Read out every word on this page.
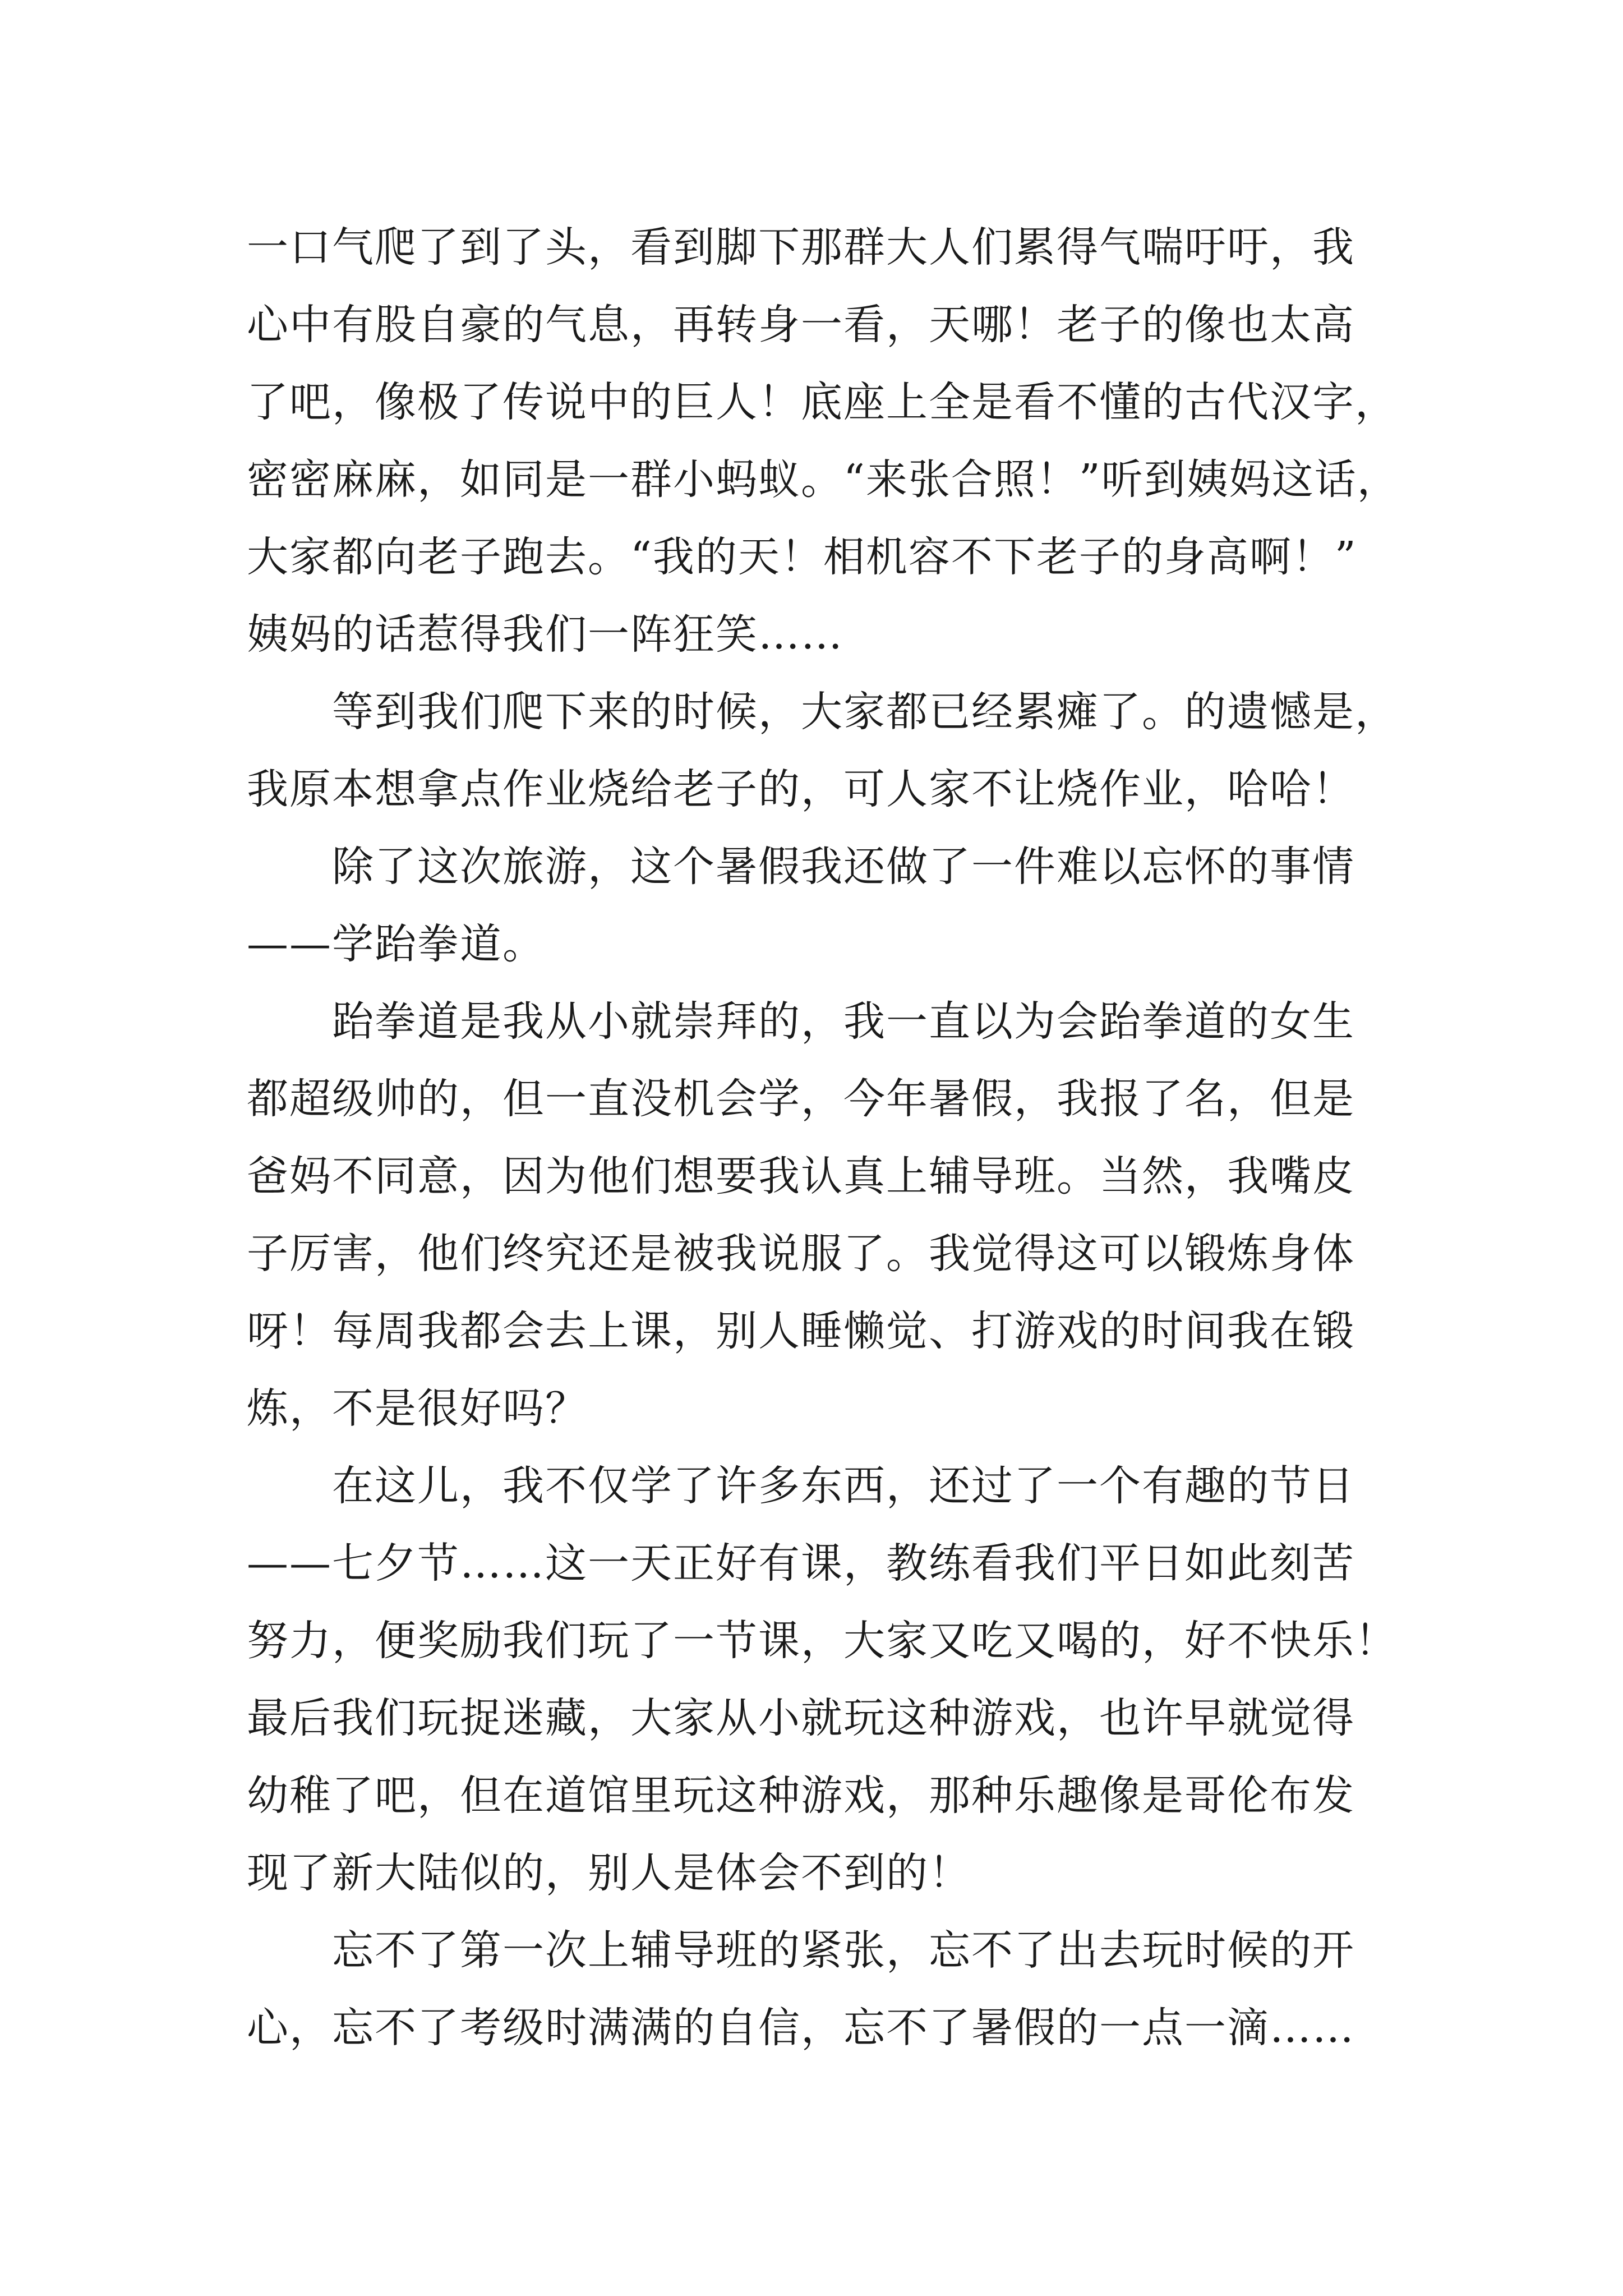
一口气爬了到了头，看到脚下那群大人们累得气喘吁吁，我
心中有股自豪的气息，再转身一看，天哪！老子的像也太高
了吧，像极了传说中的巨人！底座上全是看不懂的古代汉字，
密密麻麻，如同是一群小蚂蚁。“来张合照！”听到姨妈这话，
大家都向老子跑去。“我的天！相机容不下老子的身高啊！”
姨妈的话惹得我们一阵狂笑……

等到我们爬下来的时候，大家都已经累瘫了。的遗憾是，
我原本想拿点作业烧给老子的，可人家不让烧作业，哈哈！

除了这次旅游，这个暑假我还做了一件难以忘怀的事情
——学跆拳道。

跆拳道是我从小就崇拜的，我一直以为会跆拳道的女生
都超级帅的，但一直没机会学，今年暑假，我报了名，但是
爸妈不同意，因为他们想要我认真上辅导班。当然，我嘴皮
子厉害，他们终究还是被我说服了。我觉得这可以锻炼身体
呀！每周我都会去上课，别人睡懒觉、打游戏的时间我在锻
炼，不是很好吗？

在这儿，我不仅学了许多东西，还过了一个有趣的节日
——七夕节……这一天正好有课，教练看我们平日如此刻苦
努力，便奖励我们玩了一节课，大家又吃又喝的，好不快乐！
最后我们玩捉迷藏，大家从小就玩这种游戏，也许早就觉得
幼稚了吧，但在道馆里玩这种游戏，那种乐趣像是哥伦布发
现了新大陆似的，别人是体会不到的！

忘不了第一次上辅导班的紧张，忘不了出去玩时候的开
心，忘不了考级时满满的自信，忘不了暑假的一点一滴……
